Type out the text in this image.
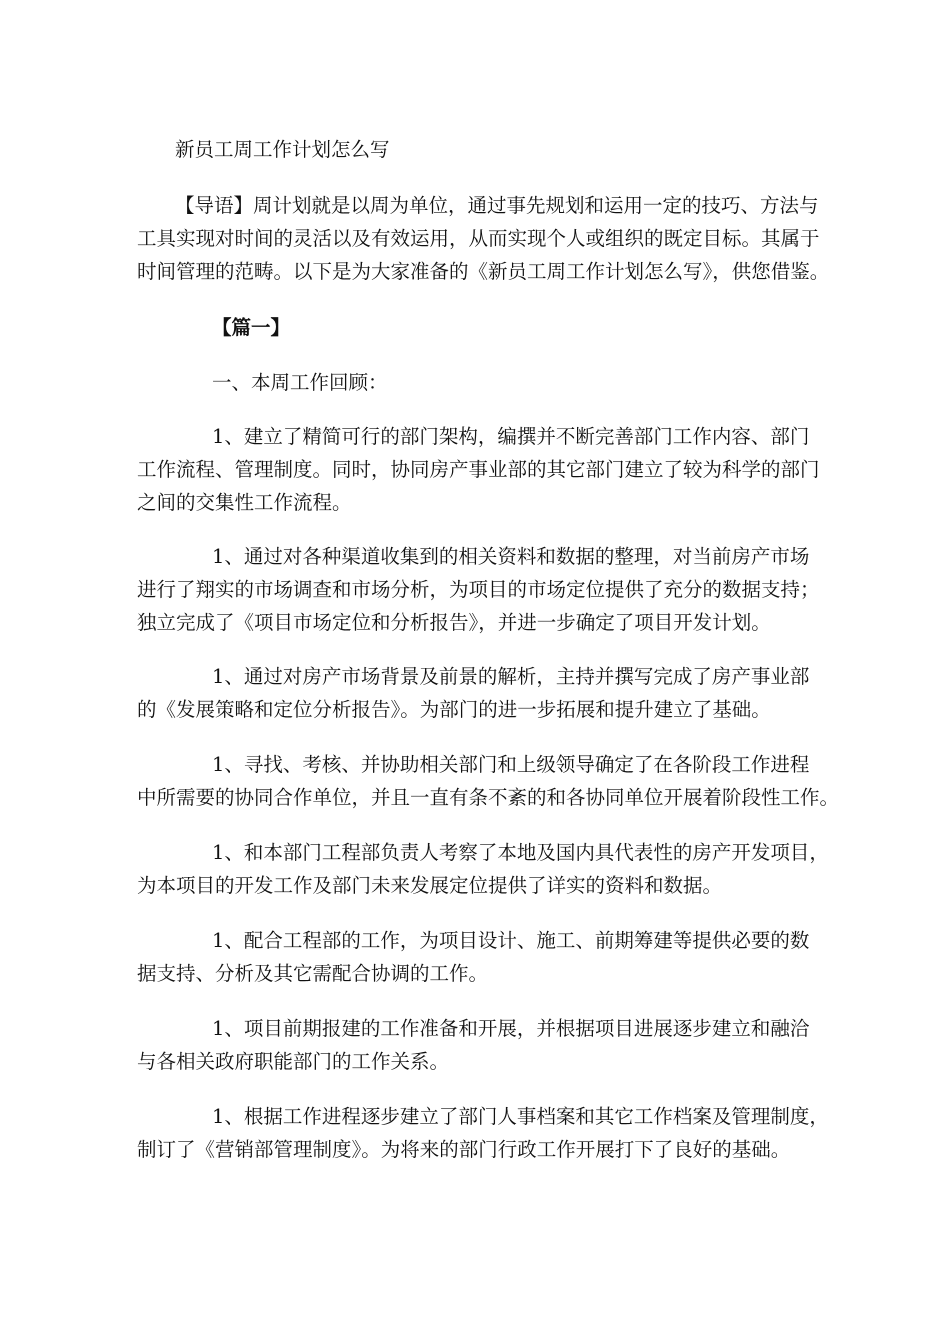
新员工周工作计划怎么写
【导语】周计划就是以周为单位，通过事先规划和运用一定的技巧、方法与
工具实现对时间的灵活以及有效运用，从而实现个人或组织的既定目标。其属于
时间管理的范畴。以下是为大家准备的《新员工周工作计划怎么写》，供您借鉴。
【篇一】
一、本周工作回顾：
1、建立了精简可行的部门架构，编撰并不断完善部门工作内容、部门
工作流程、管理制度。同时，协同房产事业部的其它部门建立了较为科学的部门
之间的交集性工作流程。
1、通过对各种渠道收集到的相关资料和数据的整理，对当前房产市场
进行了翔实的市场调查和市场分析，为项目的市场定位提供了充分的数据支持；
独立完成了《项目市场定位和分析报告》，并进一步确定了项目开发计划。
1、通过对房产市场背景及前景的解析，主持并撰写完成了房产事业部
的《发展策略和定位分析报告》。为部门的进一步拓展和提升建立了基础。
1、寻找、考核、并协助相关部门和上级领导确定了在各阶段工作进程
中所需要的协同合作单位，并且一直有条不紊的和各协同单位开展着阶段性工作。
1、和本部门工程部负责人考察了本地及国内具代表性的房产开发项目，
为本项目的开发工作及部门未来发展定位提供了详实的资料和数据。
1、配合工程部的工作，为项目设计、施工、前期筹建等提供必要的数
据支持、分析及其它需配合协调的工作。
1、项目前期报建的工作准备和开展，并根据项目进展逐步建立和融洽
与各相关政府职能部门的工作关系。
1、根据工作进程逐步建立了部门人事档案和其它工作档案及管理制度，
制订了《营销部管理制度》。为将来的部门行政工作开展打下了良好的基础。
